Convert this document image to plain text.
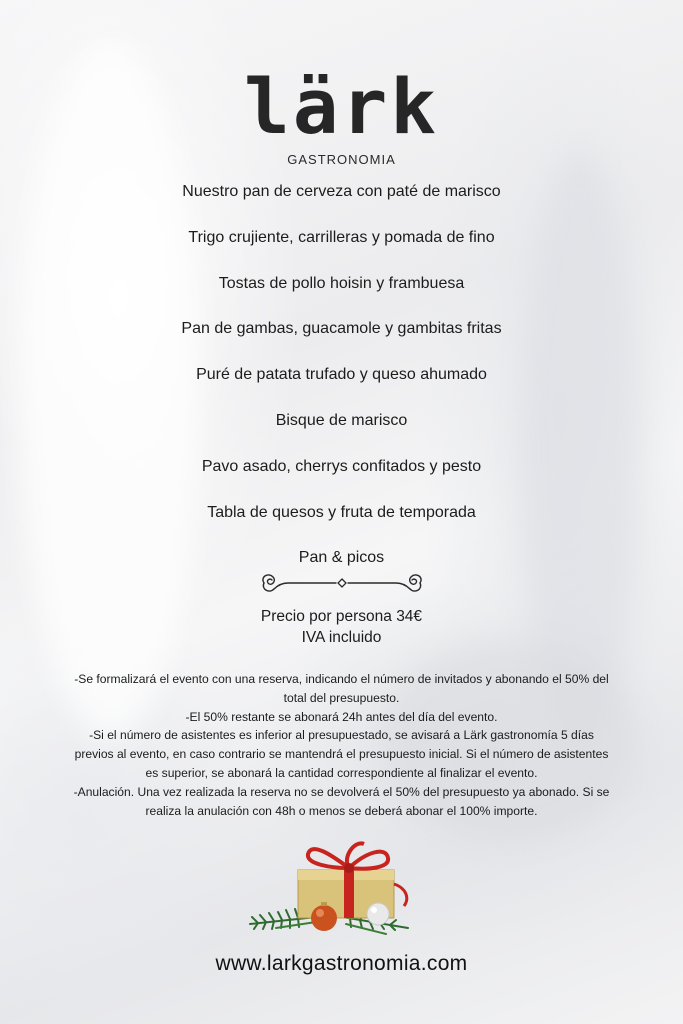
lärk
GASTRONOMIA
Nuestro pan de cerveza con paté de marisco
Trigo crujiente, carrilleras y pomada de fino
Tostas de pollo hoisin y frambuesa
Pan de gambas, guacamole y gambitas fritas
Puré de patata trufado y queso ahumado
Bisque de marisco
Pavo asado, cherrys confitados y pesto
Tabla de quesos y fruta de temporada
Pan & picos
Precio por persona 34€
IVA incluido

-Se formalizará el evento con una reserva, indicando el número de invitados y abonando el 50% del total del presupuesto.

-El 50% restante se abonará 24h antes del día del evento.

-Si el número de asistentes es inferior al presupuestado, se avisará a Lärk gastronomía 5 días previos al evento, en caso contrario se mantendrá el presupuesto inicial. Si el número de asistentes es superior, se abonará la cantidad correspondiente al finalizar el evento.

-Anulación. Una vez realizada la reserva no se devolverá el 50% del presupuesto ya abonado. Si se realiza la anulación con 48h o menos se deberá abonar el 100% importe.

www.larkgastronomia.com
